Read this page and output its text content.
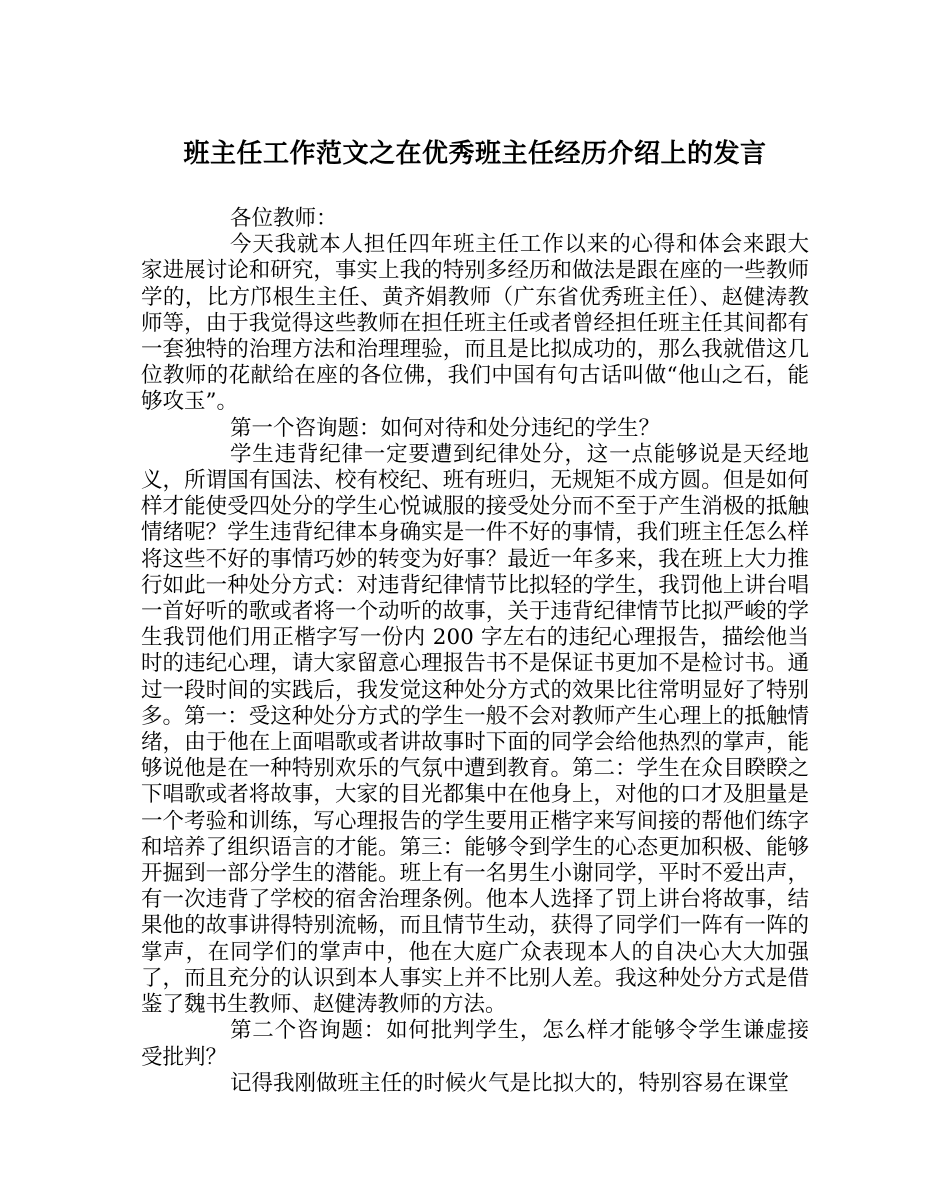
班主任工作范文之在优秀班主任经历介绍上的发言

各位教师：

今天我就本人担任四年班主任工作以来的心得和体会来跟大家进展讨论和研究，事实上我的特别多经历和做法是跟在座的一些教师学的，比方邝根生主任、黄齐娟教师（广东省优秀班主任）、赵健涛教师等，由于我觉得这些教师在担任班主任或者曾经担任班主任其间都有一套独特的治理方法和治理理验，而且是比拟成功的，那么我就借这几位教师的花献给在座的各位佛，我们中国有句古话叫做“他山之石，能够攻玉”。

第一个咨询题：如何对待和处分违纪的学生？

学生违背纪律一定要遭到纪律处分，这一点能够说是天经地义，所谓国有国法、校有校纪、班有班归，无规矩不成方圆。但是如何样才能使受四处分的学生心悦诚服的接受处分而不至于产生消极的抵触情绪呢？学生违背纪律本身确实是一件不好的事情，我们班主任怎么样将这些不好的事情巧妙的转变为好事？最近一年多来，我在班上大力推行如此一种处分方式：对违背纪律情节比拟轻的学生，我罚他上讲台唱一首好听的歌或者将一个动听的故事，关于违背纪律情节比拟严峻的学生我罚他们用正楷字写一份内 200 字左右的违纪心理报告，描绘他当时的违纪心理，请大家留意心理报告书不是保证书更加不是检讨书。通过一段时间的实践后，我发觉这种处分方式的效果比往常明显好了特别多。第一：受这种处分方式的学生一般不会对教师产生心理上的抵触情绪，由于他在上面唱歌或者讲故事时下面的同学会给他热烈的掌声，能够说他是在一种特别欢乐的气氛中遭到教育。第二：学生在众目睽睽之下唱歌或者将故事，大家的目光都集中在他身上，对他的口才及胆量是一个考验和训练，写心理报告的学生要用正楷字来写间接的帮他们练字和培养了组织语言的才能。第三：能够令到学生的心态更加积极、能够开掘到一部分学生的潜能。班上有一名男生小谢同学，平时不爱出声，有一次违背了学校的宿舍治理条例。他本人选择了罚上讲台将故事，结果他的故事讲得特别流畅，而且情节生动，获得了同学们一阵有一阵的掌声，在同学们的掌声中，他在大庭广众表现本人的自决心大大加强了，而且充分的认识到本人事实上并不比别人差。我这种处分方式是借鉴了魏书生教师、赵健涛教师的方法。

第二个咨询题：如何批判学生，怎么样才能够令学生谦虚接受批判？

记得我刚做班主任的时候火气是比拟大的，特别容易在课堂
